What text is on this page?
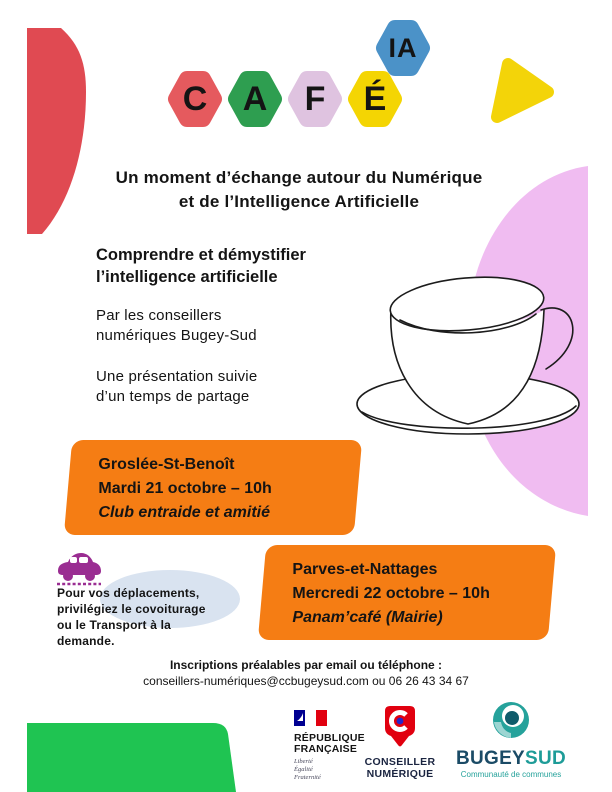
IA
C	A	F	É
Un moment d’échange autour du Numérique
et de l’Intelligence Artificielle
Comprendre et démystifier
l’intelligence artificielle
Par les conseillers
numériques Bugey-Sud
Une présentation suivie
d’un temps de partage
Groslée-St-Benoît
Mardi 21 octobre – 10h
Club entraide et amitié
Parves-et-Nattages
Mercredi 22 octobre – 10h
Panam’café (Mairie)
Pour vos déplacements,
privilégiez le covoiturage
ou le Transport à la
demande.
Inscriptions préalables par email ou téléphone :
conseillers-numériques@ccbugeysud.com ou 06 26 43 34 67
RÉPUBLIQUE
FRANÇAISE
Liberté
Égalité
Fraternité
CONSEILLER
NUMÉRIQUE
BUGEYSUD
Communauté de communes
